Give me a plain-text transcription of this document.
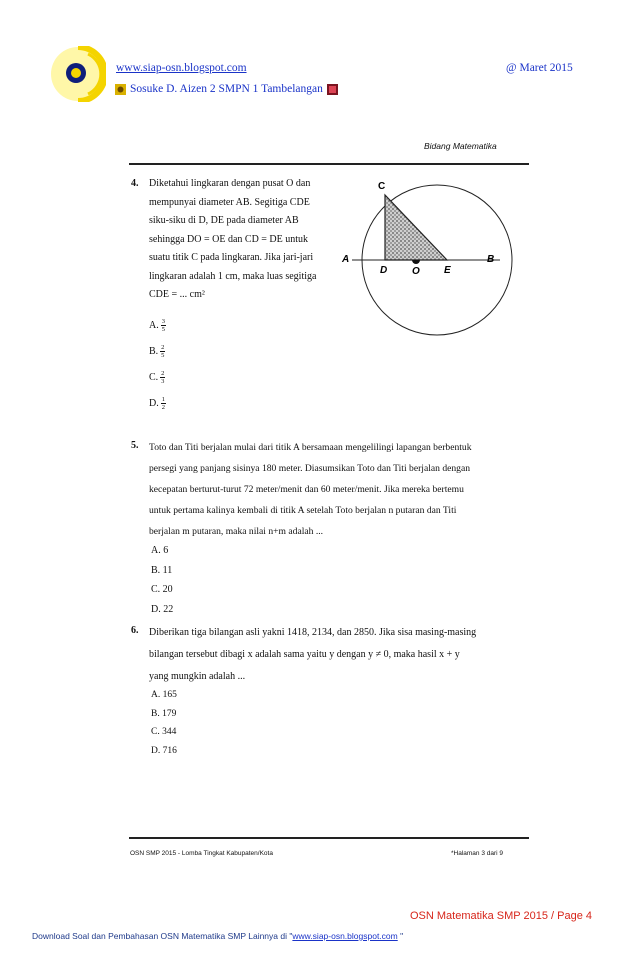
www.siap-osn.blogspot.com	@ Maret 2015
Sosuke D. Aizen 2 SMPN 1 Tambelangan
Bidang Matematika
4. Diketahui lingkaran dengan pusat O dan
mempunyai diameter AB. Segitiga CDE
siku-siku di D, DE pada diameter AB
sehingga DO = OE dan CD = DE untuk
suatu titik C pada lingkaran. Jika jari-jari
lingkaran adalah 1 cm, maka luas segitiga
CDE = ... cm²
A. $\frac{3}{5}$
B. $\frac{2}{5}$
C. $\frac{2}{3}$
D. $\frac{1}{2}$
C
A	B
D O E
5. Toto dan Titi berjalan mulai dari titik A bersamaan mengelilingi lapangan berbentuk
persegi yang panjang sisinya 180 meter. Diasumsikan Toto dan Titi berjalan dengan
kecepatan berturut-turut 72 meter/menit dan 60 meter/menit. Jika mereka bertemu
untuk pertama kalinya kembali di titik A setelah Toto berjalan n putaran dan Titi
berjalan m putaran, maka nilai n+m adalah ...
A. 6
B. 11
C. 20
D. 22
6. Diberikan tiga bilangan asli yakni 1418, 2134, dan 2850. Jika sisa masing-masing
bilangan tersebut dibagi x adalah sama yaitu y dengan y ≠ 0, maka hasil x + y
yang mungkin adalah ...
A. 165
B. 179
C. 344
D. 716
OSN SMP 2015 - Lomba Tingkat Kabupaten/Kota	*Halaman 3 dari 9
OSN Matematika SMP 2015 / Page 4
Download Soal dan Pembahasan OSN Matematika SMP Lainnya di "www.siap-osn.blogspot.com "
